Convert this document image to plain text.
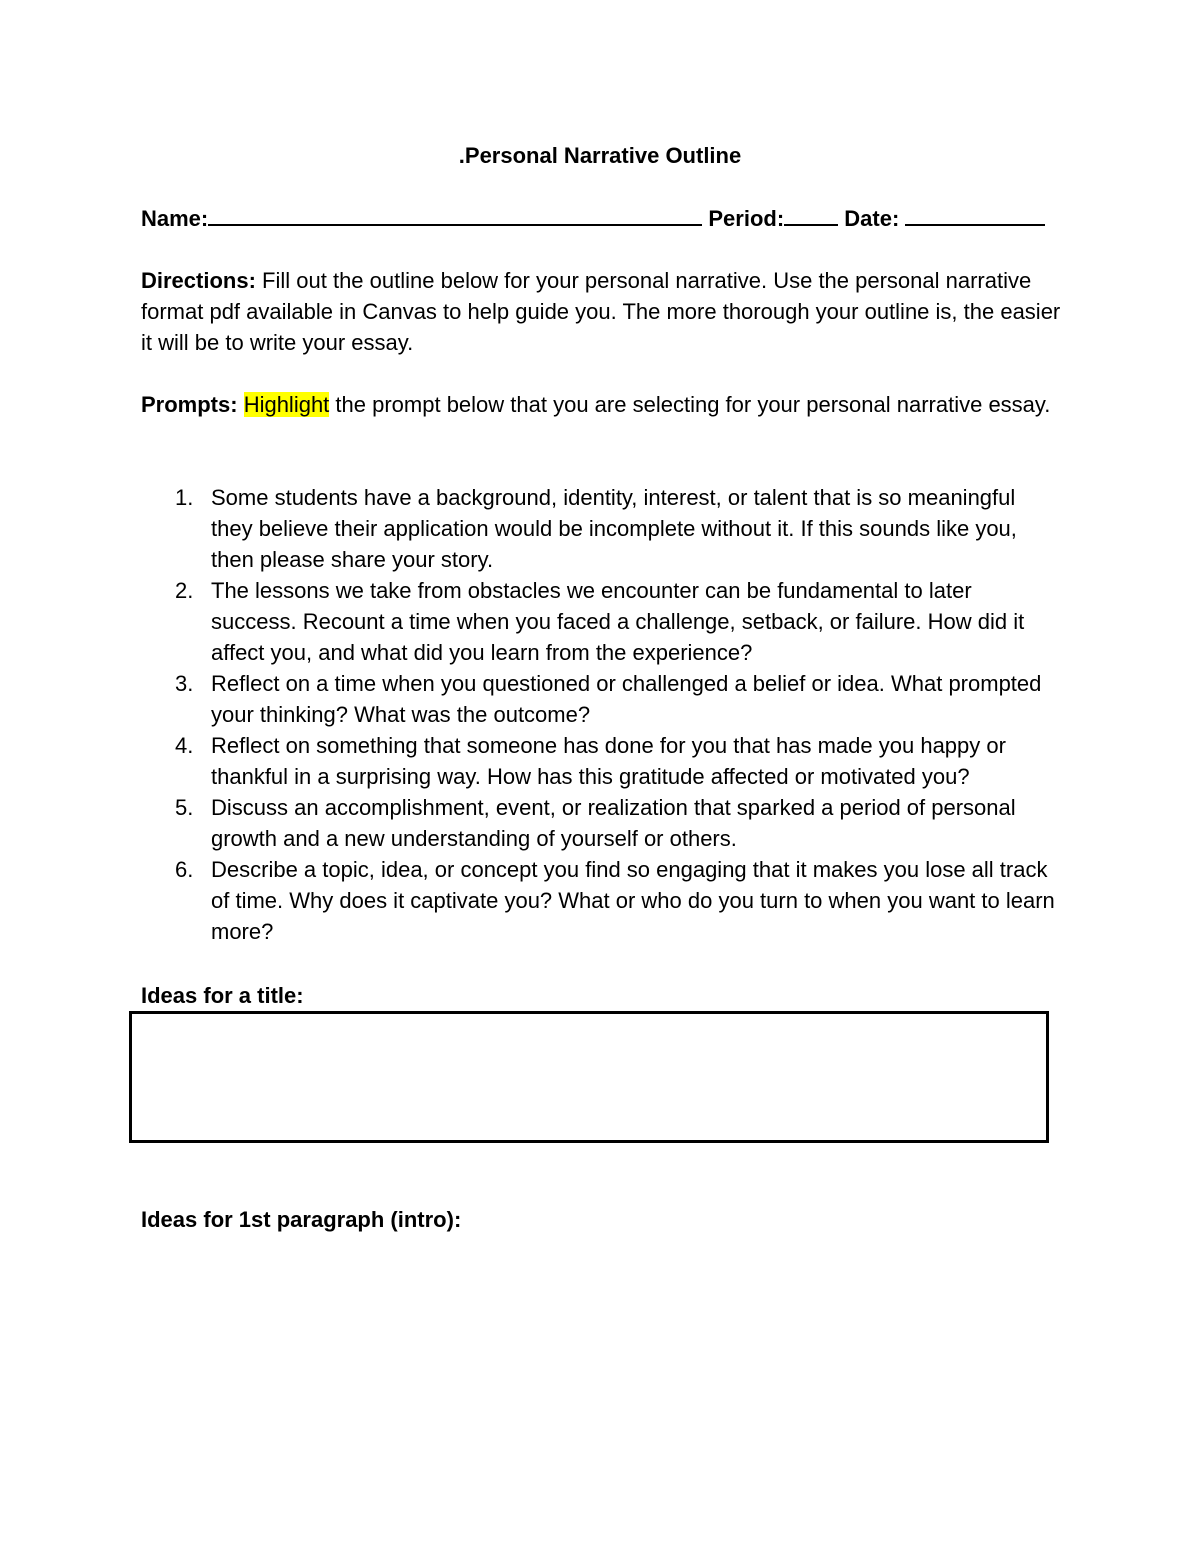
.Personal Narrative Outline
Name:	Period:	Date:
Directions: Fill out the outline below for your personal narrative. Use the personal narrative format pdf available in Canvas to help guide you. The more thorough your outline is, the easier it will be to write your essay.
Prompts: Highlight the prompt below that you are selecting for your personal narrative essay.
1. Some students have a background, identity, interest, or talent that is so meaningful they believe their application would be incomplete without it. If this sounds like you, then please share your story.
2. The lessons we take from obstacles we encounter can be fundamental to later success. Recount a time when you faced a challenge, setback, or failure. How did it affect you, and what did you learn from the experience?
3. Reflect on a time when you questioned or challenged a belief or idea. What prompted your thinking? What was the outcome?
4. Reflect on something that someone has done for you that has made you happy or thankful in a surprising way. How has this gratitude affected or motivated you?
5. Discuss an accomplishment, event, or realization that sparked a period of personal growth and a new understanding of yourself or others.
6. Describe a topic, idea, or concept you find so engaging that it makes you lose all track of time. Why does it captivate you? What or who do you turn to when you want to learn more?
Ideas for a title:
Ideas for 1st paragraph (intro):
